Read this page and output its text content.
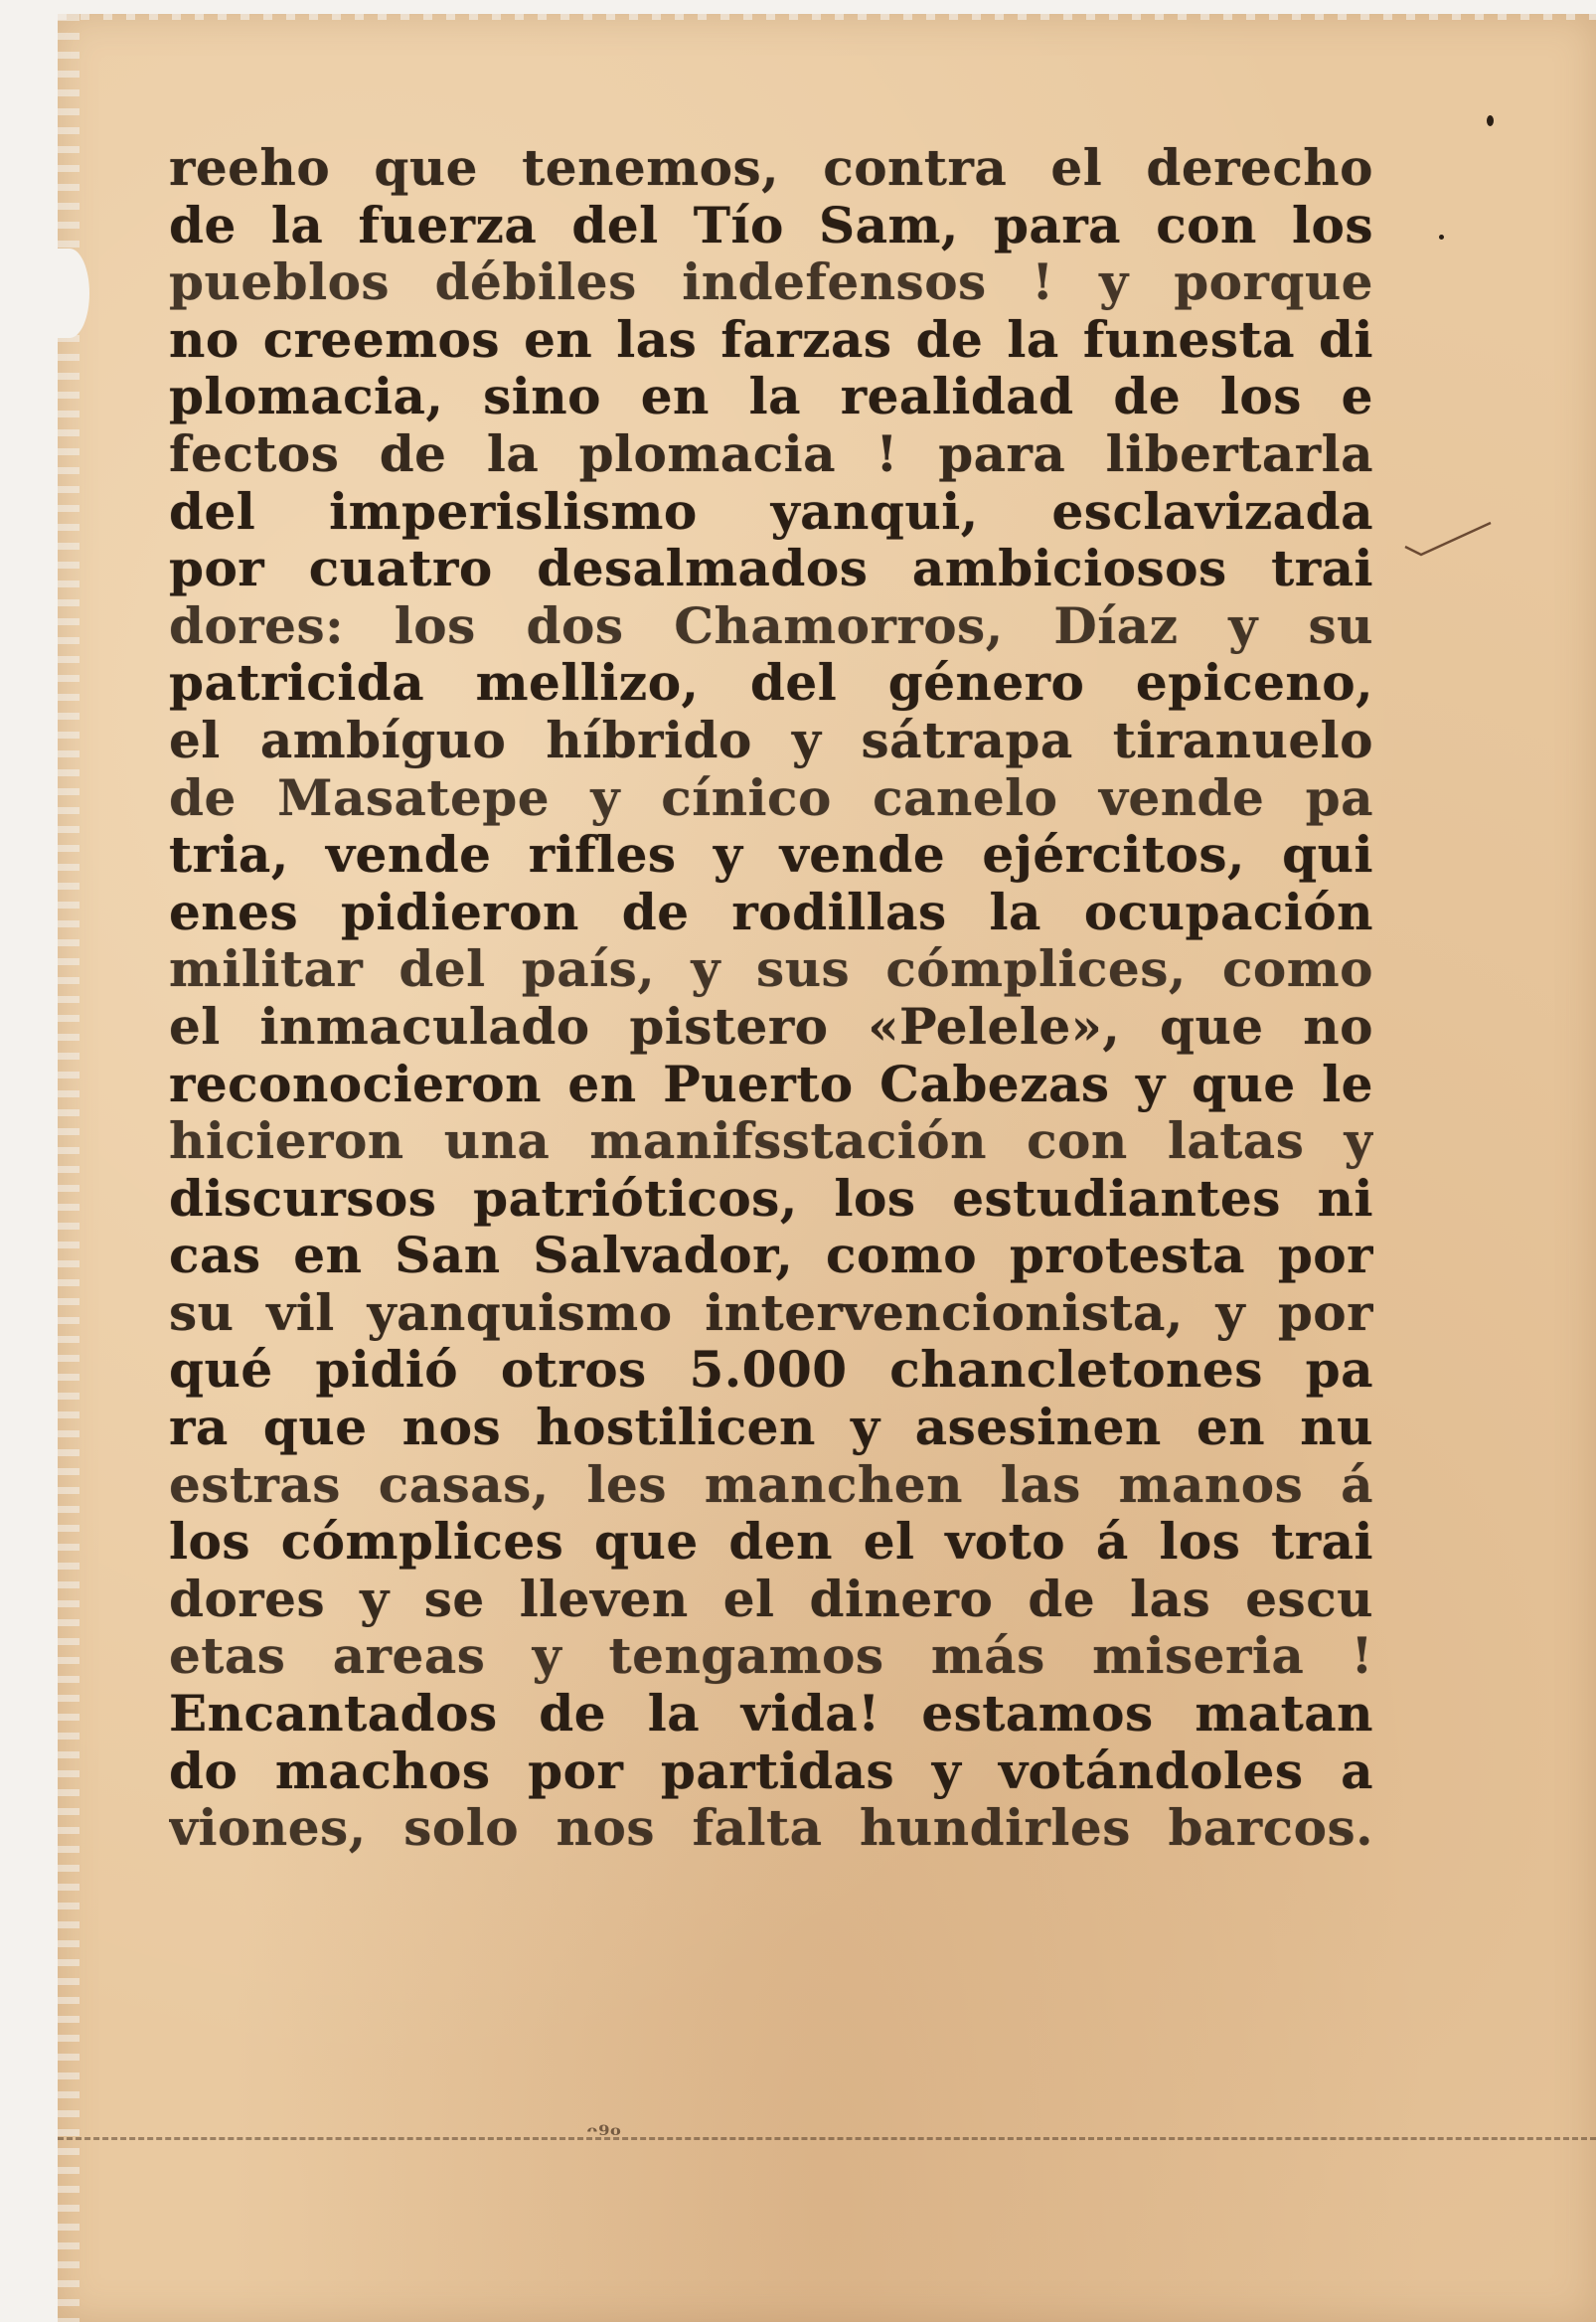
reeho que tenemos, contra el derecho
de la fuerza del Tío Sam, para con los
pueblos débiles indefensos ! y porque
no creemos en las farzas de la funesta di
plomacia, sino en la realidad de los e
fectos de la plomacia ! para libertarla
del imperislismo yanqui, esclavizada
por cuatro desalmados ambiciosos trai
dores: los dos Chamorros, Díaz y su
patricida mellizo, del género epiceno,
el ambíguo híbrido y sátrapa tiranuelo
de Masatepe y cínico canelo vende pa
tria, vende rifles y vende ejércitos, qui
enes pidieron de rodillas la ocupación
militar del país, y sus cómplices, como
el inmaculado pistero «Pelele», que no
reconocieron en Puerto Cabezas y que le
hicieron una manifsstación con latas y
discursos patrióticos, los estudiantes ni
cas en San Salvador, como protesta por
su vil yanquismo intervencionista, y por
qué pidió otros 5.000 chancletones pa
ra que nos hostilicen y asesinen en nu
estras casas, les manchen las manos á
los cómplices que den el voto á los trai
dores y se lleven el dinero de las escu
etas areas y tengamos más miseria !
Encantados de la vida! estamos matan
do machos por partidas y votándoles a
viones, solo nos falta hundirles barcos.
ᵔ⁹ᵒ
